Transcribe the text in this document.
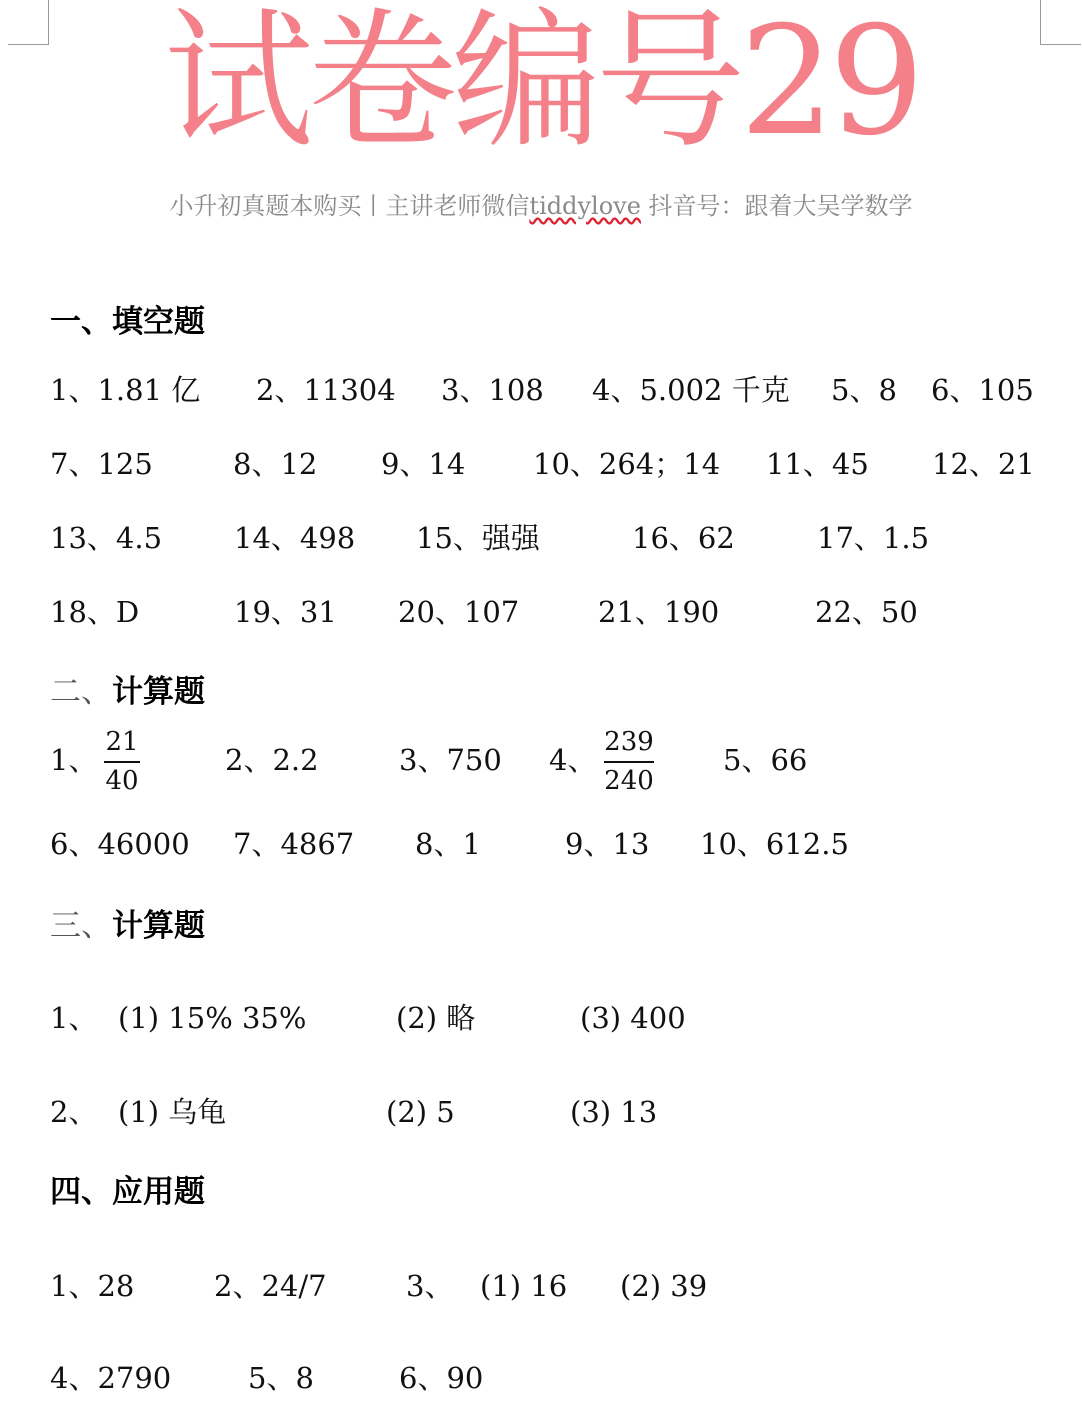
试卷编号29
小升初真题本购买丨主讲老师微信tiddylove 抖音号：跟着大吴学数学
一、填空题
1、1.81 亿 2、11304 3、108 4、5.002 千克 5、8 6、105
7、125	8、12 9、14 10、264；14 11、45 12、21
13、4.5 14、498 15、强强	16、62	17、1.5
18、D	19、31 20、107	21、190	22、50
二、计算题
1、
21
40
2、2.2	3、750 4、
239
240
5、66
6、46000 7、4867 8、1	9、13 10、612.5
三、计算题
1、 (1) 15% 35%	(2) 略	(3) 400
2、 (1) 乌龟	(2) 5	(3) 13
四、应用题
1、28	2、24/7	3、 (1) 16 (2) 39
4、2790	5、8	6、90
